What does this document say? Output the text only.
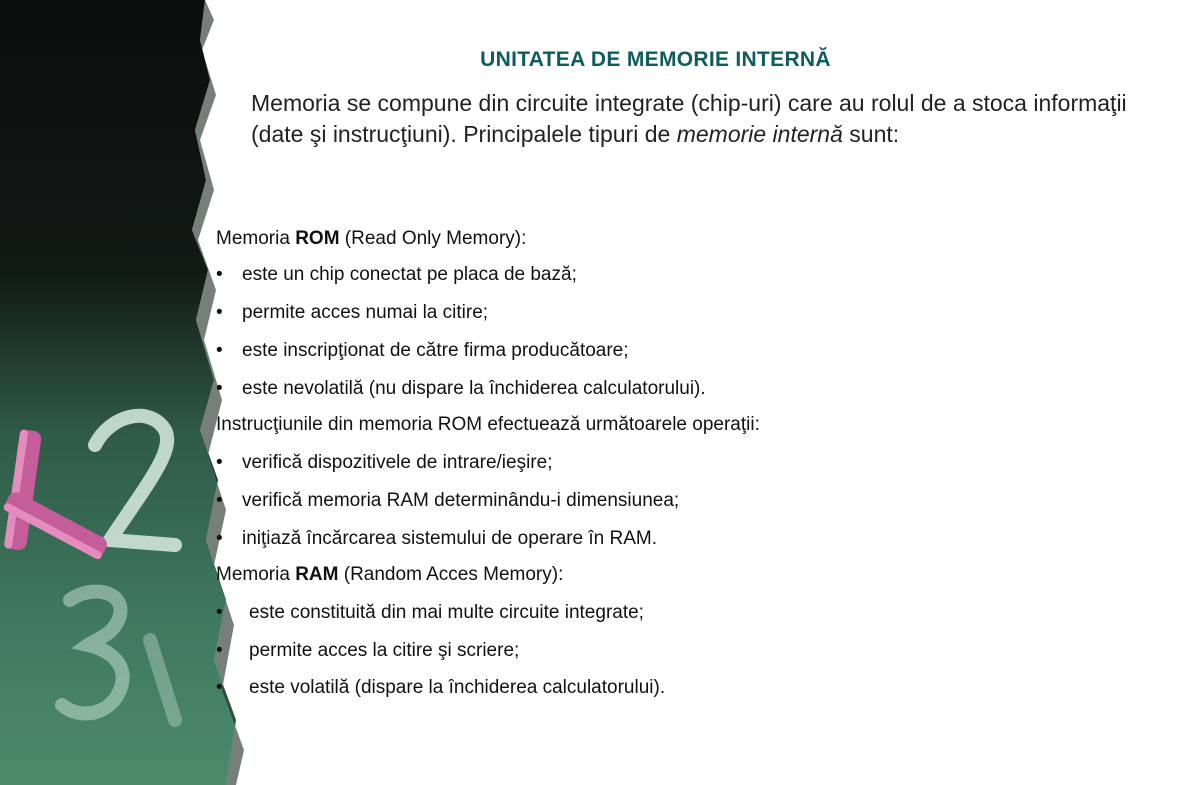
UNITATEA DE MEMORIE INTERNĂ
Memoria se compune din circuite integrate (chip-uri) care au rolul de a stoca informaţii (date şi instrucţiuni). Principalele tipuri de memorie internă sunt:
Memoria ROM (Read Only Memory):
• este un chip conectat pe placa de bază;
• permite acces numai la citire;
• este inscripţionat de către firma producătoare;
• este nevolatilă (nu dispare la închiderea calculatorului).
Instrucţiunile din memoria ROM efectuează următoarele operaţii:
• verifică dispozitivele de intrare/ieşire;
• verifică memoria RAM determinându-i dimensiunea;
• iniţiază încărcarea sistemului de operare în RAM.
Memoria RAM (Random Acces Memory):
• este constituită din mai multe circuite integrate;
• permite acces la citire şi scriere;
• este volatilă (dispare la închiderea calculatorului).
